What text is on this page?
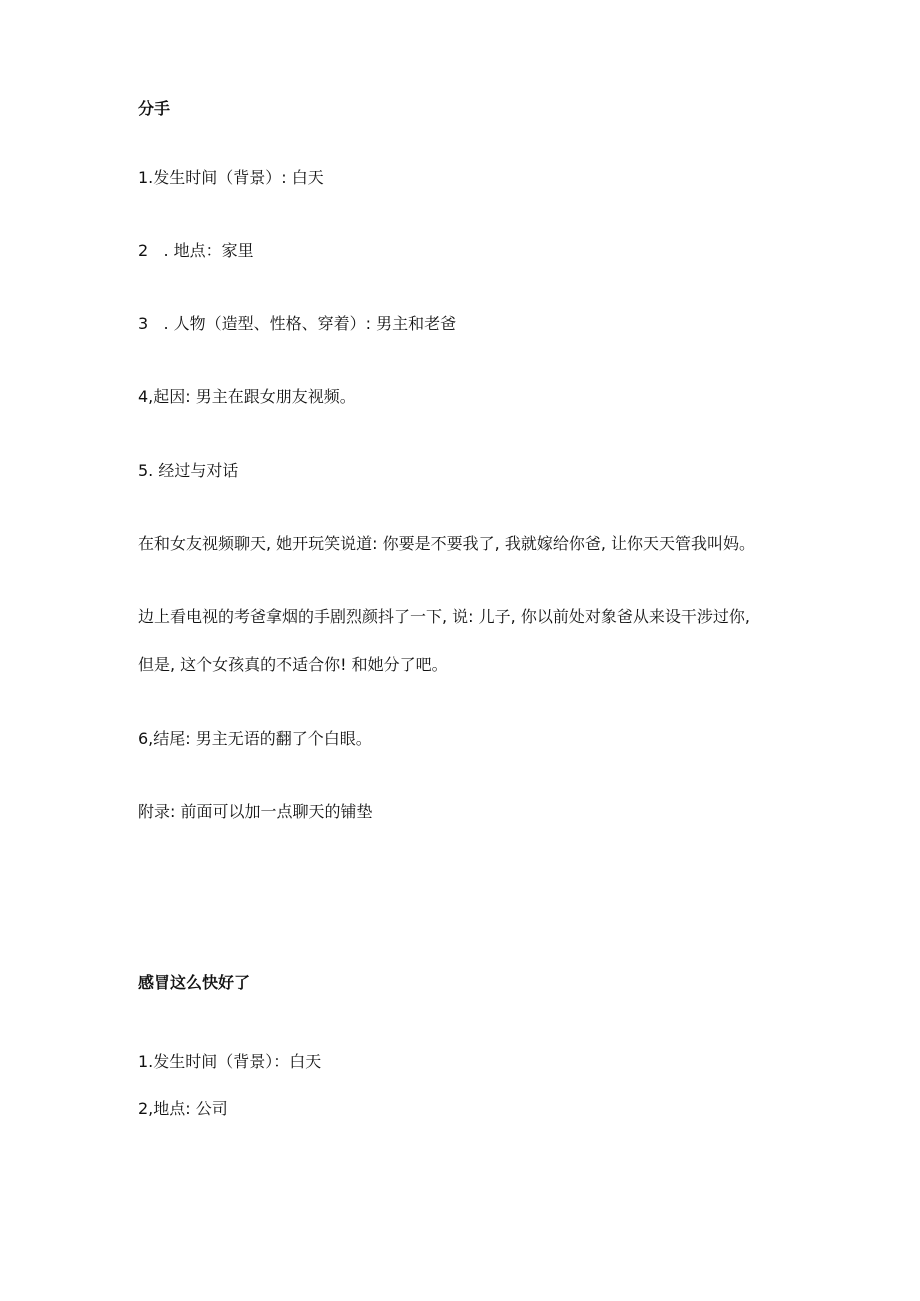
分手
1.发生时间（背景）: 白天
2   . 地点：家里
3   . 人物（造型、性格、穿着）: 男主和老爸
4,起因: 男主在跟女朋友视频。
5. 经过与对话
在和女友视频聊天, 她开玩笑说道: 你要是不要我了, 我就嫁给你爸, 让你天天管我叫妈。
边上看电视的考爸拿烟的手剧烈颜抖了一下, 说: 儿子, 你以前处对象爸从来设干涉过你,
但是, 这个女孩真的不适合你! 和她分了吧。
6,结尾: 男主无语的翻了个白眼。
附录: 前面可以加一点聊天的铺垫
感冒这么快好了
1.发生时间（背景）：白天
2,地点: 公司
